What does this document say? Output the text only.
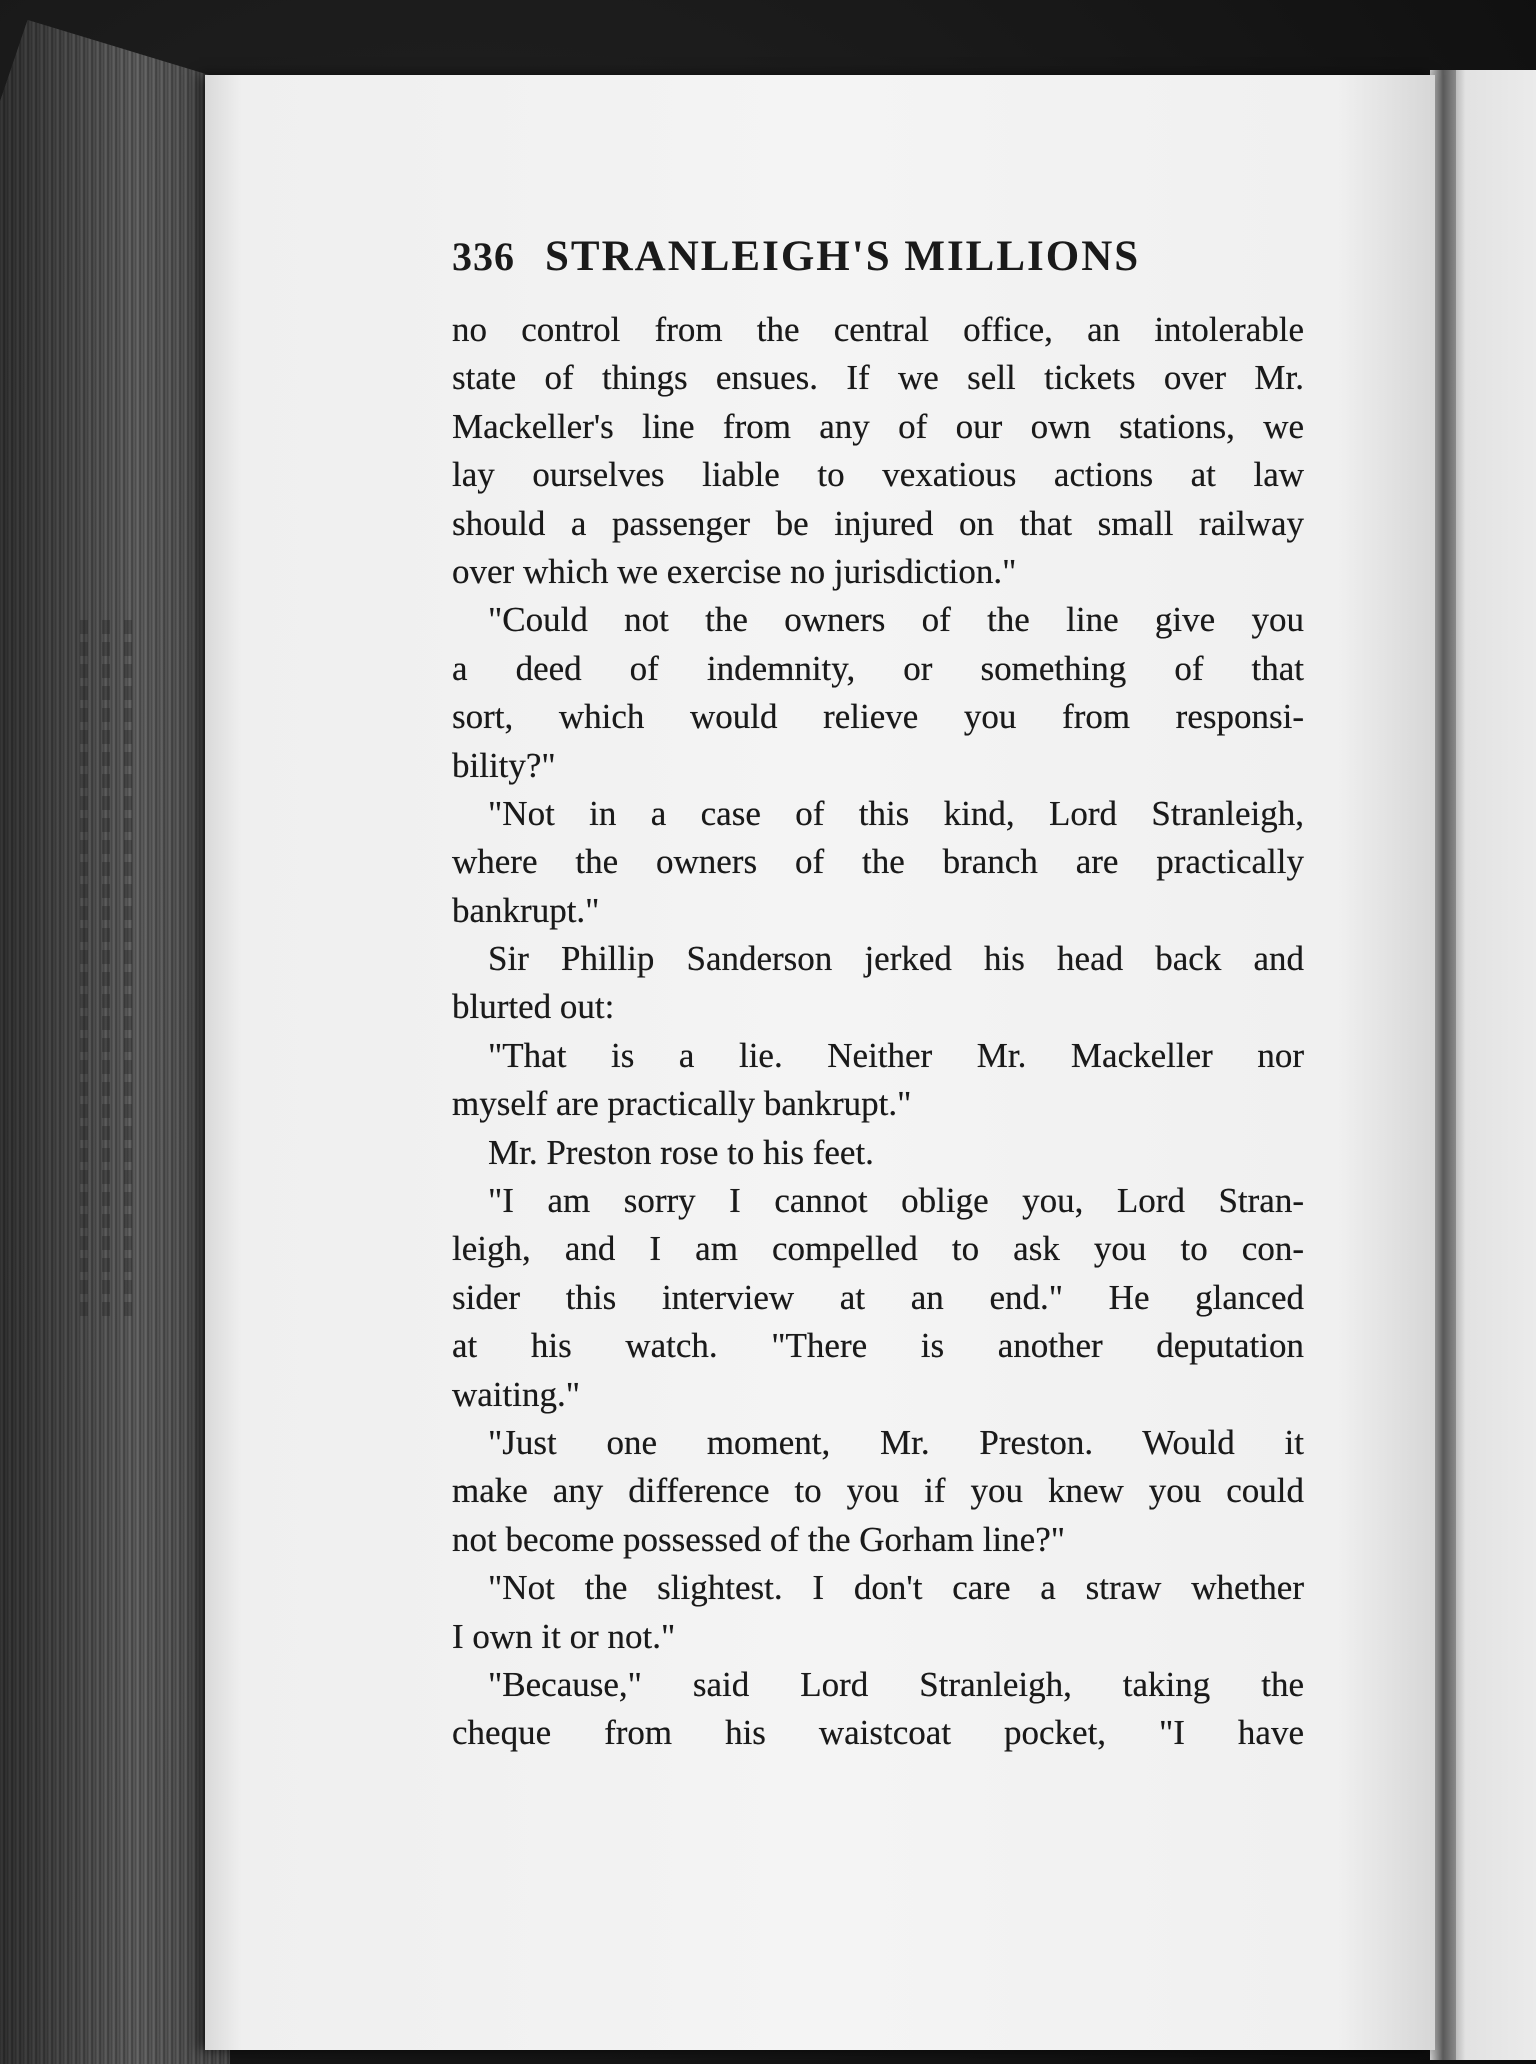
336 STRANLEIGH'S MILLIONS
no control from the central office, an intolerable
state of things ensues. If we sell tickets over Mr.
Mackeller's line from any of our own stations, we
lay ourselves liable to vexatious actions at law
should a passenger be injured on that small railway
over which we exercise no jurisdiction."
"Could not the owners of the line give you
a deed of indemnity, or something of that
sort, which would relieve you from responsi-
bility?"
"Not in a case of this kind, Lord Stranleigh,
where the owners of the branch are practically
bankrupt."
Sir Phillip Sanderson jerked his head back and
blurted out:
"That is a lie. Neither Mr. Mackeller nor
myself are practically bankrupt."
Mr. Preston rose to his feet.
"I am sorry I cannot oblige you, Lord Stran-
leigh, and I am compelled to ask you to con-
sider this interview at an end." He glanced
at his watch. "There is another deputation
waiting."
"Just one moment, Mr. Preston. Would it
make any difference to you if you knew you could
not become possessed of the Gorham line?"
"Not the slightest. I don't care a straw whether
I own it or not."
"Because," said Lord Stranleigh, taking the
cheque from his waistcoat pocket, "I have
